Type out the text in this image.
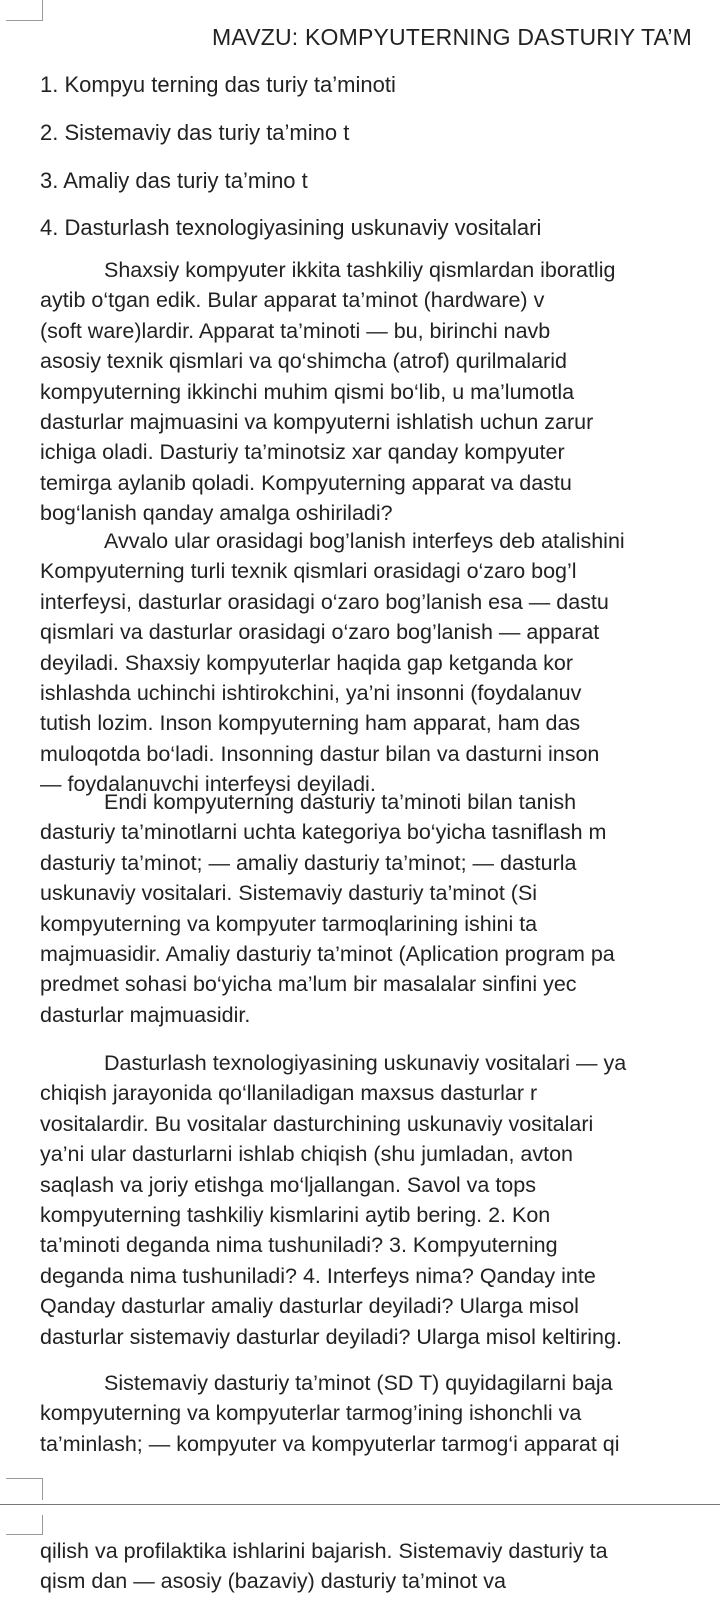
MAVZU: KOMPYUTERNING DASTURIY TA’M
1. Kompyu terning das turiy ta’minoti
2. Sistemaviy das turiy ta’mino t
3. Amaliy das turiy ta’mino t
4. Dasturlash texnologiyasining uskunaviy vositalari
Shaxsiy kompyuter ikkita tashkiliy qismlardan iboratlig
aytib o‘tgan edik. Bular apparat ta’minot (hardware) v
(soft ware)lardir. Apparat ta’minoti — bu, birinchi navb
asosiy texnik qismlari va qo‘shimcha (atrof) qurilmalarid
kompyuterning ikkinchi muhim qismi bo‘lib, u ma’lumotla
dasturlar majmuasini va kompyuterni ishlatish uchun zarur
ichiga oladi. Dasturiy ta’minotsiz xar qanday kompyuter
temirga aylanib qoladi. Kompyuterning apparat va dastu
bog‘lanish qanday amalga oshiriladi?
Avvalo ular orasidagi bog’lanish interfeys deb atalishini
Kompyuterning turli texnik qismlari orasidagi o‘zaro bog’l
interfeysi, dasturlar orasidagi o‘zaro bog’lanish esa — dastu
qismlari va dasturlar orasidagi o‘zaro bog’lanish — apparat
deyiladi. Shaxsiy kompyuterlar haqida gap ketganda kor
ishlashda uchinchi ishtirokchini, ya’ni insonni (foydalanuv
tutish lozim. Inson kompyuterning ham apparat, ham das
muloqotda bo‘ladi. Insonning dastur bilan va dasturni inson
— foydalanuvchi interfeysi deyiladi.
Endi kompyuterning dasturiy ta’minoti bilan tanish
dasturiy ta’minotlarni uchta kategoriya bo‘yicha tasniflash m
dasturiy ta’minot; — amaliy dasturiy ta’minot; — dasturla
uskunaviy vositalari. Sistemaviy dasturiy ta’minot (Si
kompyuterning va kompyuter tarmoqlarining ishini ta
majmuasidir. Amaliy dasturiy ta’minot (Aplication program pa
predmet sohasi bo‘yicha ma’lum bir masalalar sinfini yec
dasturlar majmuasidir.
Dasturlash texnologiyasining uskunaviy vositalari — ya
chiqish jarayonida qo‘llaniladigan maxsus dasturlar r
vositalardir. Bu vositalar dasturchining uskunaviy vositalari
ya’ni ular dasturlarni ishlab chiqish (shu jumladan, avton
saqlash va joriy etishga mo‘ljallangan. Savol va tops
kompyuterning tashkiliy kismlarini aytib bering. 2. Kon
ta’minoti deganda nima tushuniladi? 3. Kompyuterning
deganda nima tushuniladi? 4. Interfeys nima? Qanday inte
Qanday dasturlar amaliy dasturlar deyiladi? Ularga misol
dasturlar sistemaviy dasturlar deyiladi? Ularga misol keltiring.
Sistemaviy dasturiy ta’minot (SD T) quyidagilarni baja
kompyuterning va kompyuterlar tarmog’ining ishonchli va
ta’minlash; — kompyuter va kompyuterlar tarmog‘i apparat qi
qilish va profilaktika ishlarini bajarish. Sistemaviy dasturiy ta
qism dan — asosiy (bazaviy) dasturiy ta’minot va
